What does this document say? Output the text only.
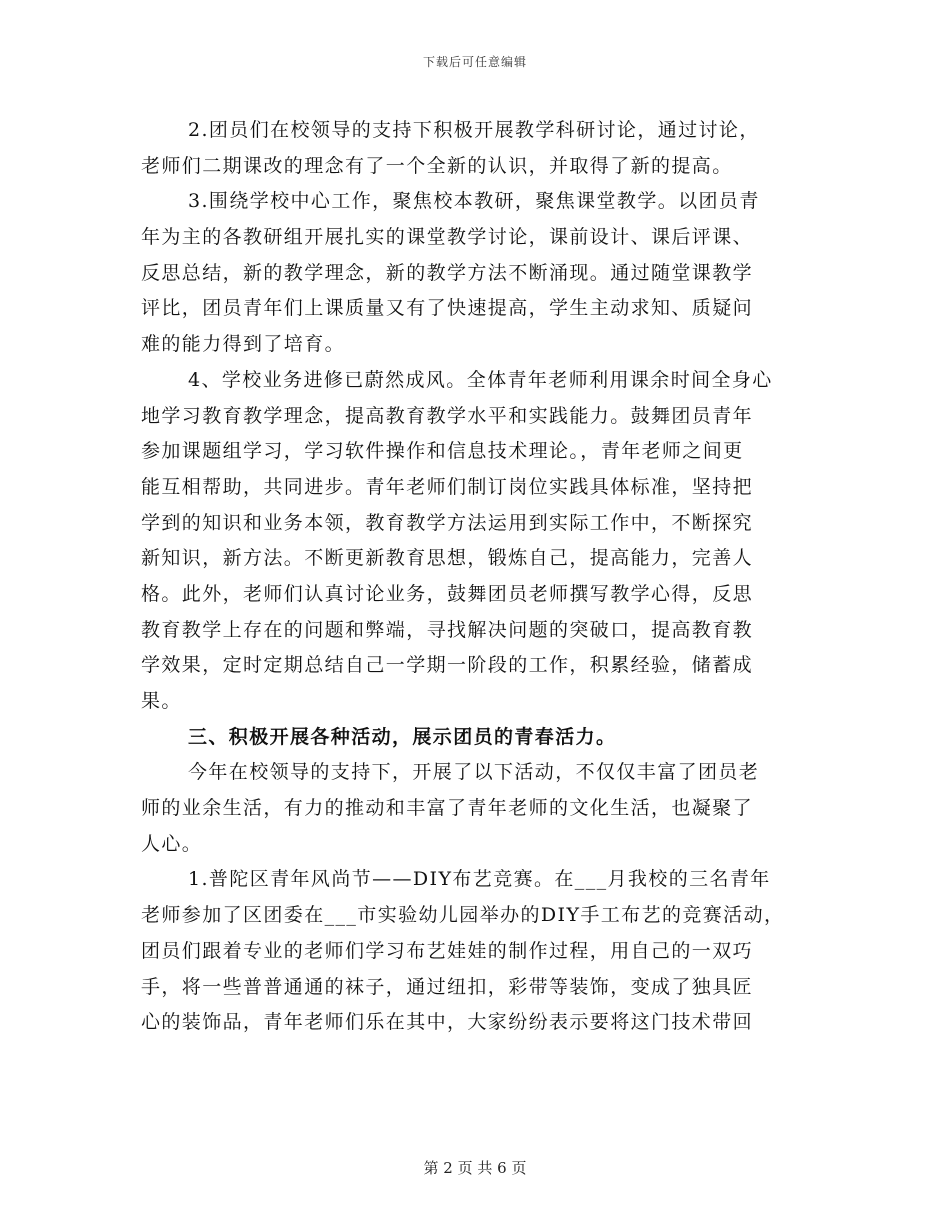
下载后可任意编辑
2.团员们在校领导的支持下积极开展教学科研讨论，通过讨论，
老师们二期课改的理念有了一个全新的认识，并取得了新的提高。
3.围绕学校中心工作，聚焦校本教研，聚焦课堂教学。以团员青
年为主的各教研组开展扎实的课堂教学讨论，课前设计、课后评课、
反思总结，新的教学理念，新的教学方法不断涌现。通过随堂课教学
评比，团员青年们上课质量又有了快速提高，学生主动求知、质疑问
难的能力得到了培育。
4、学校业务进修已蔚然成风。全体青年老师利用课余时间全身心
地学习教育教学理念，提高教育教学水平和实践能力。鼓舞团员青年
参加课题组学习，学习软件操作和信息技术理论。，青年老师之间更
能互相帮助，共同进步。青年老师们制订岗位实践具体标准，坚持把
学到的知识和业务本领，教育教学方法运用到实际工作中，不断探究
新知识，新方法。不断更新教育思想，锻炼自己，提高能力，完善人
格。此外，老师们认真讨论业务，鼓舞团员老师撰写教学心得，反思
教育教学上存在的问题和弊端，寻找解决问题的突破口，提高教育教
学效果，定时定期总结自己一学期一阶段的工作，积累经验，储蓄成
果。
三、积极开展各种活动，展示团员的青春活力。
今年在校领导的支持下，开展了以下活动，不仅仅丰富了团员老
师的业余生活，有力的推动和丰富了青年老师的文化生活，也凝聚了
人心。
1.普陀区青年风尚节——DIY布艺竞赛。在___月我校的三名青年
老师参加了区团委在___市实验幼儿园举办的DIY手工布艺的竞赛活动，
团员们跟着专业的老师们学习布艺娃娃的制作过程，用自己的一双巧
手，将一些普普通通的袜子，通过纽扣，彩带等装饰，变成了独具匠
心的装饰品，青年老师们乐在其中，大家纷纷表示要将这门技术带回
第 2 页 共 6 页
